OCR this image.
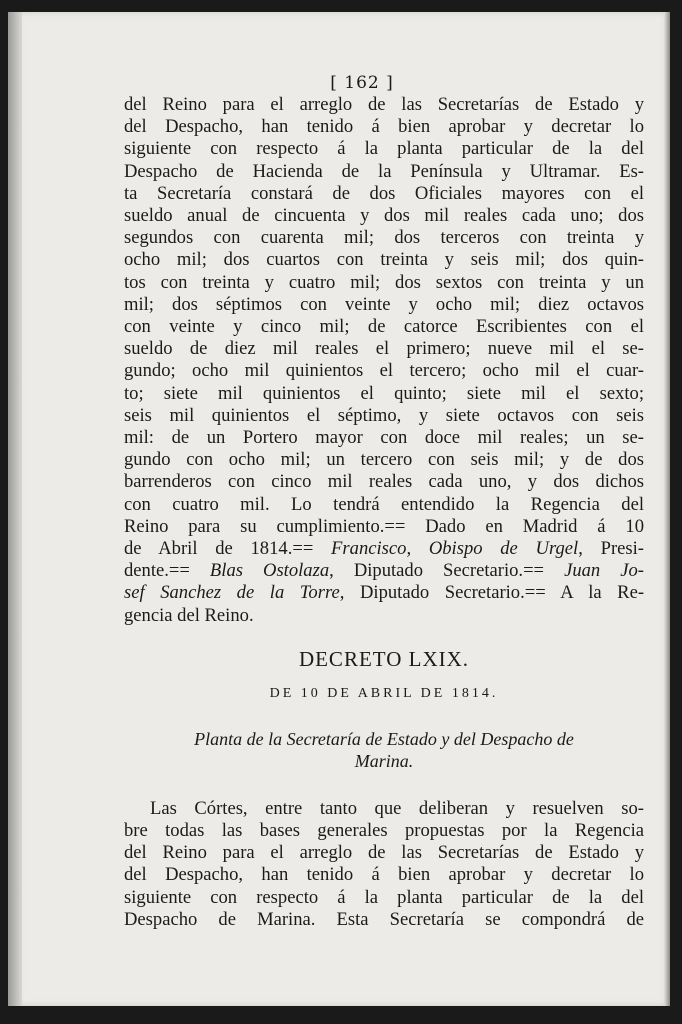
[ 162 ]
del Reino para el arreglo de las Secretarías de Estado y
del Despacho, han tenido á bien aprobar y decretar lo
siguiente con respecto á la planta particular de la del
Despacho de Hacienda de la Península y Ultramar. Es-
ta Secretaría constará de dos Oficiales mayores con el
sueldo anual de cincuenta y dos mil reales cada uno; dos
segundos con cuarenta mil; dos terceros con treinta y
ocho mil; dos cuartos con treinta y seis mil; dos quin-
tos con treinta y cuatro mil; dos sextos con treinta y un
mil; dos séptimos con veinte y ocho mil; diez octavos
con veinte y cinco mil; de catorce Escribientes con el
sueldo de diez mil reales el primero; nueve mil el se-
gundo; ocho mil quinientos el tercero; ocho mil el cuar-
to; siete mil quinientos el quinto; siete mil el sexto;
seis mil quinientos el séptimo, y siete octavos con seis
mil: de un Portero mayor con doce mil reales; un se-
gundo con ocho mil; un tercero con seis mil; y de dos
barrenderos con cinco mil reales cada uno, y dos dichos
con cuatro mil. Lo tendrá entendido la Regencia del
Reino para su cumplimiento.== Dado en Madrid á 10
de Abril de 1814.== Francisco, Obispo de Urgel, Presi-
dente.== Blas Ostolaza, Diputado Secretario.== Juan Jo-
sef Sanchez de la Torre, Diputado Secretario.== A la Re-
gencia del Reino.
DECRETO LXIX.
DE 10 DE ABRIL DE 1814.
Planta de la Secretaría de Estado y del Despacho de
Marina.
Las Córtes, entre tanto que deliberan y resuelven so-
bre todas las bases generales propuestas por la Regencia
del Reino para el arreglo de las Secretarías de Estado y
del Despacho, han tenido á bien aprobar y decretar lo
siguiente con respecto á la planta particular de la del
Despacho de Marina. Esta Secretaría se compondrá de
